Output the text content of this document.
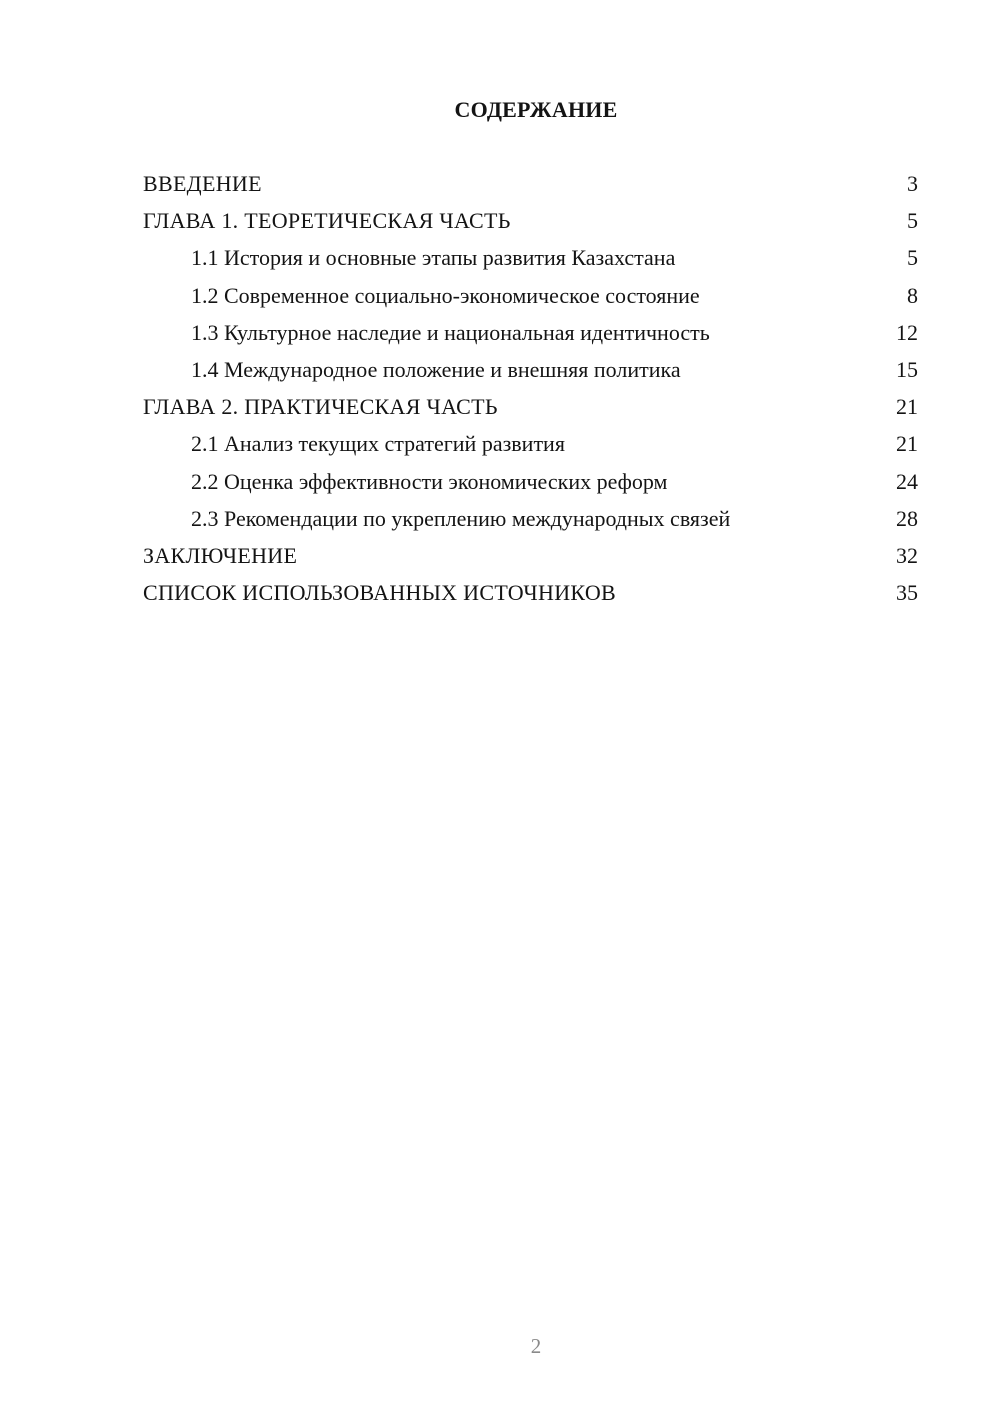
СОДЕРЖАНИЕ
ВВЕДЕНИЕ	3
ГЛАВА 1. ТЕОРЕТИЧЕСКАЯ ЧАСТЬ	5
1.1 История и основные этапы развития Казахстана	5
1.2 Современное социально-экономическое состояние	8
1.3 Культурное наследие и национальная идентичность	12
1.4 Международное положение и внешняя политика	15
ГЛАВА 2. ПРАКТИЧЕСКАЯ ЧАСТЬ	21
2.1 Анализ текущих стратегий развития	21
2.2 Оценка эффективности экономических реформ	24
2.3 Рекомендации по укреплению международных связей	28
ЗАКЛЮЧЕНИЕ	32
СПИСОК ИСПОЛЬЗОВАННЫХ ИСТОЧНИКОВ	35
2
